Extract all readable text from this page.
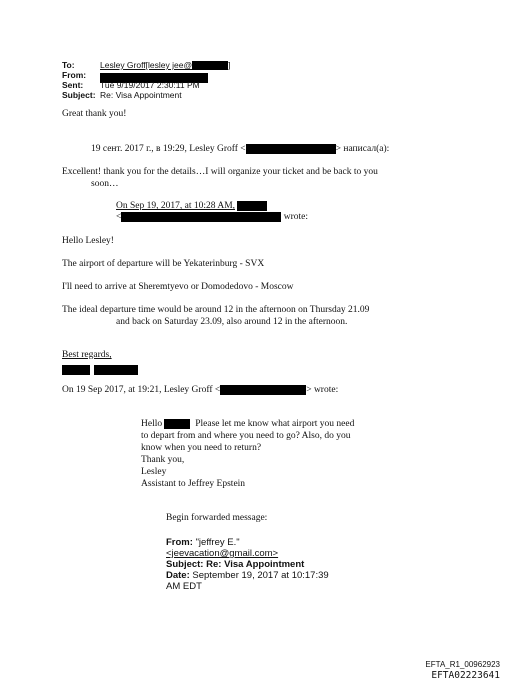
To:	Lesley Groff[lesley jee@	]
From:
Sent: Tue 9/19/2017 2:30:11 PM
Subject: Re: Visa Appointment
Great thank you!
19 сент. 2017 г., в 19:29, Lesley Groff <	> написал(а):
Excellent! thank you for the details…I will organize your ticket and be back to you
soon…
On Sep 19, 2017, at 10:28 AM,
<	wrote:
Hello Lesley!
The airport of departure will be Yekaterinburg - SVX
I'll need to arrive at Sheremtyevo or Domodedovo - Moscow
The ideal departure time would be around 12 in the afternoon on Thursday 21.09
and back on Saturday 23.09, also around 12 in the afternoon.
Best regards,

On 19 Sep 2017, at 19:21, Lesley Groff <	> wrote:
Hello	Please let me know what airport you need
to depart from and where you need to go? Also, do you
know when you need to return?
Thank you,
Lesley
Assistant to Jeffrey Epstein
Begin forwarded message:
From: "jeffrey E."
<jeevacation@gmail.com>
Subject: Re: Visa Appointment
Date: September 19, 2017 at 10:17:39
AM EDT
EFTA_R1_00962923
EFTA02223641
